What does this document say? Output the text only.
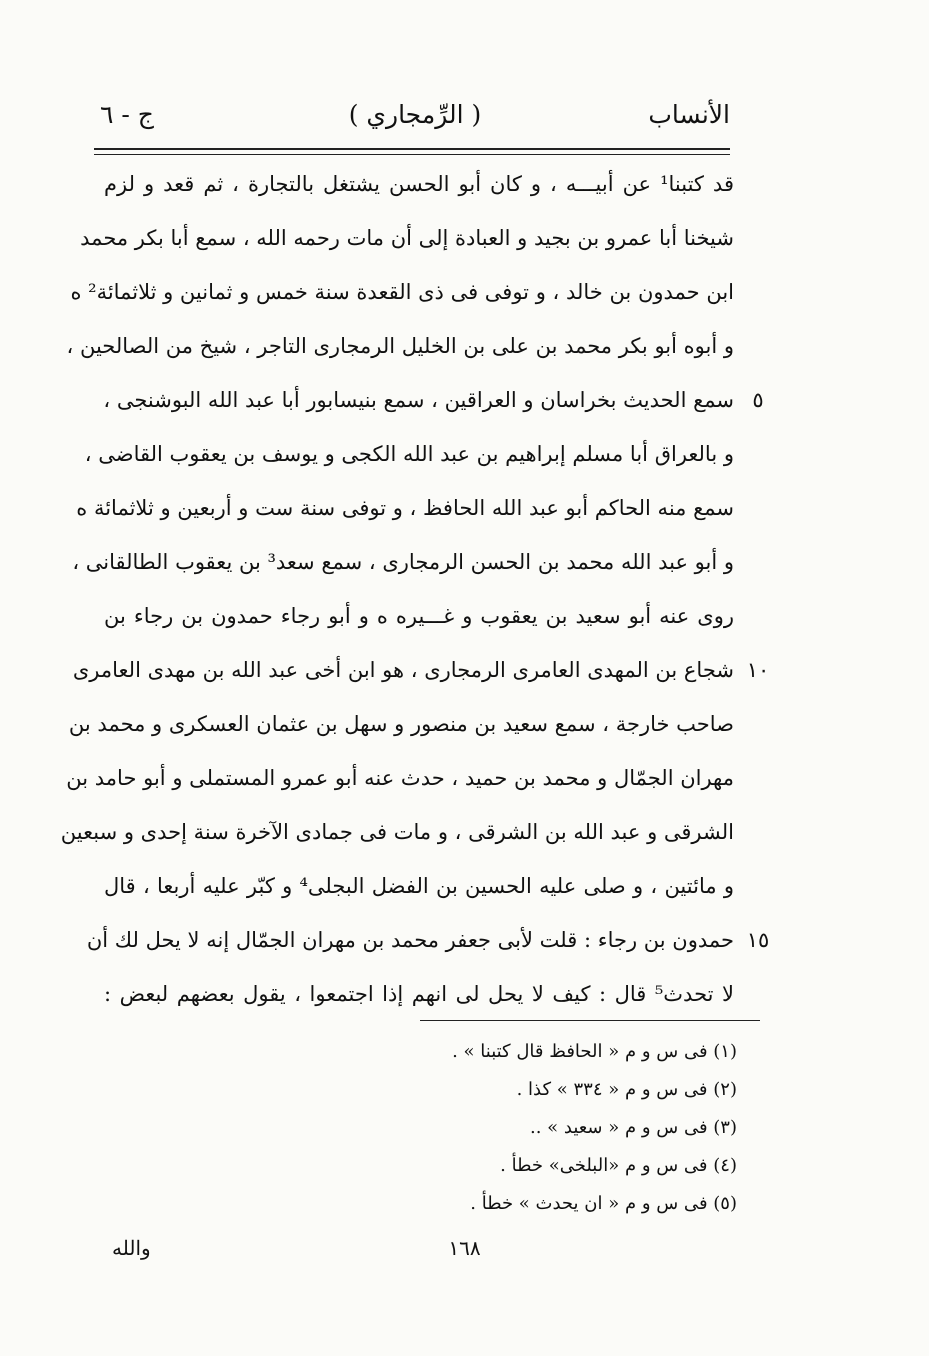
الأنساب
( الرِّمجاري )
ج - ٦
قد كتبنا¹ عن أبيـــه ، و كان أبو الحسن يشتغل بالتجارة ، ثم قعد و لزم
شيخنا أبا عمرو بن بجيد و العبادة إلى أن مات رحمه الله ، سمع أبا بكر محمد
ابن حمدون بن خالد ، و توفى فى ذى القعدة سنة خمس و ثمانين و ثلاثمائة² ه
و أبوه أبو بكر محمد بن على بن الخليل الرمجارى التاجر ، شيخ من الصالحين ،
٥
سمع الحديث بخراسان و العراقين ، سمع بنيسابور أبا عبد الله البوشنجى ،
و بالعراق أبا مسلم إبراهيم بن عبد الله الكجى و يوسف بن يعقوب القاضى ،
سمع منه الحاكم أبو عبد الله الحافظ ، و توفى سنة ست و أربعين و ثلاثمائة ه
و أبو عبد الله محمد بن الحسن الرمجارى ، سمع سعد³ بن يعقوب الطالقانى ،
روى عنه أبو سعيد بن يعقوب و غـــيره ه و أبو رجاء حمدون بن رجاء بن
١٠
شجاع بن المهدى العامرى الرمجارى ، هو ابن أخى عبد الله بن مهدى العامرى
صاحب خارجة ، سمع سعيد بن منصور و سهل بن عثمان العسكرى و محمد بن
مهران الجمّال و محمد بن حميد ، حدث عنه أبو عمرو المستملى و أبو حامد بن
الشرقى و عبد الله بن الشرقى ، و مات فى جمادى الآخرة سنة إحدى و سبعين
و مائتين ، و صلى عليه الحسين بن الفضل البجلى⁴ و كبّر عليه أربعا ، قال
١٥
حمدون بن رجاء : قلت لأبى جعفر محمد بن مهران الجمّال إنه لا يحل لك أن
لا تحدث⁵ قال : كيف لا يحل لى انهم إذا اجتمعوا ، يقول بعضهم لبعض :
(١) فى س و م « الحافظ قال كتبنا » .
(٢) فى س و م « ٣٣٤ » كذا .
(٣) فى س و م « سعيد » ..
(٤) فى س و م «البلخى» خطأ .
(٥) فى س و م « ان يحدث » خطأ .
١٦٨
والله
